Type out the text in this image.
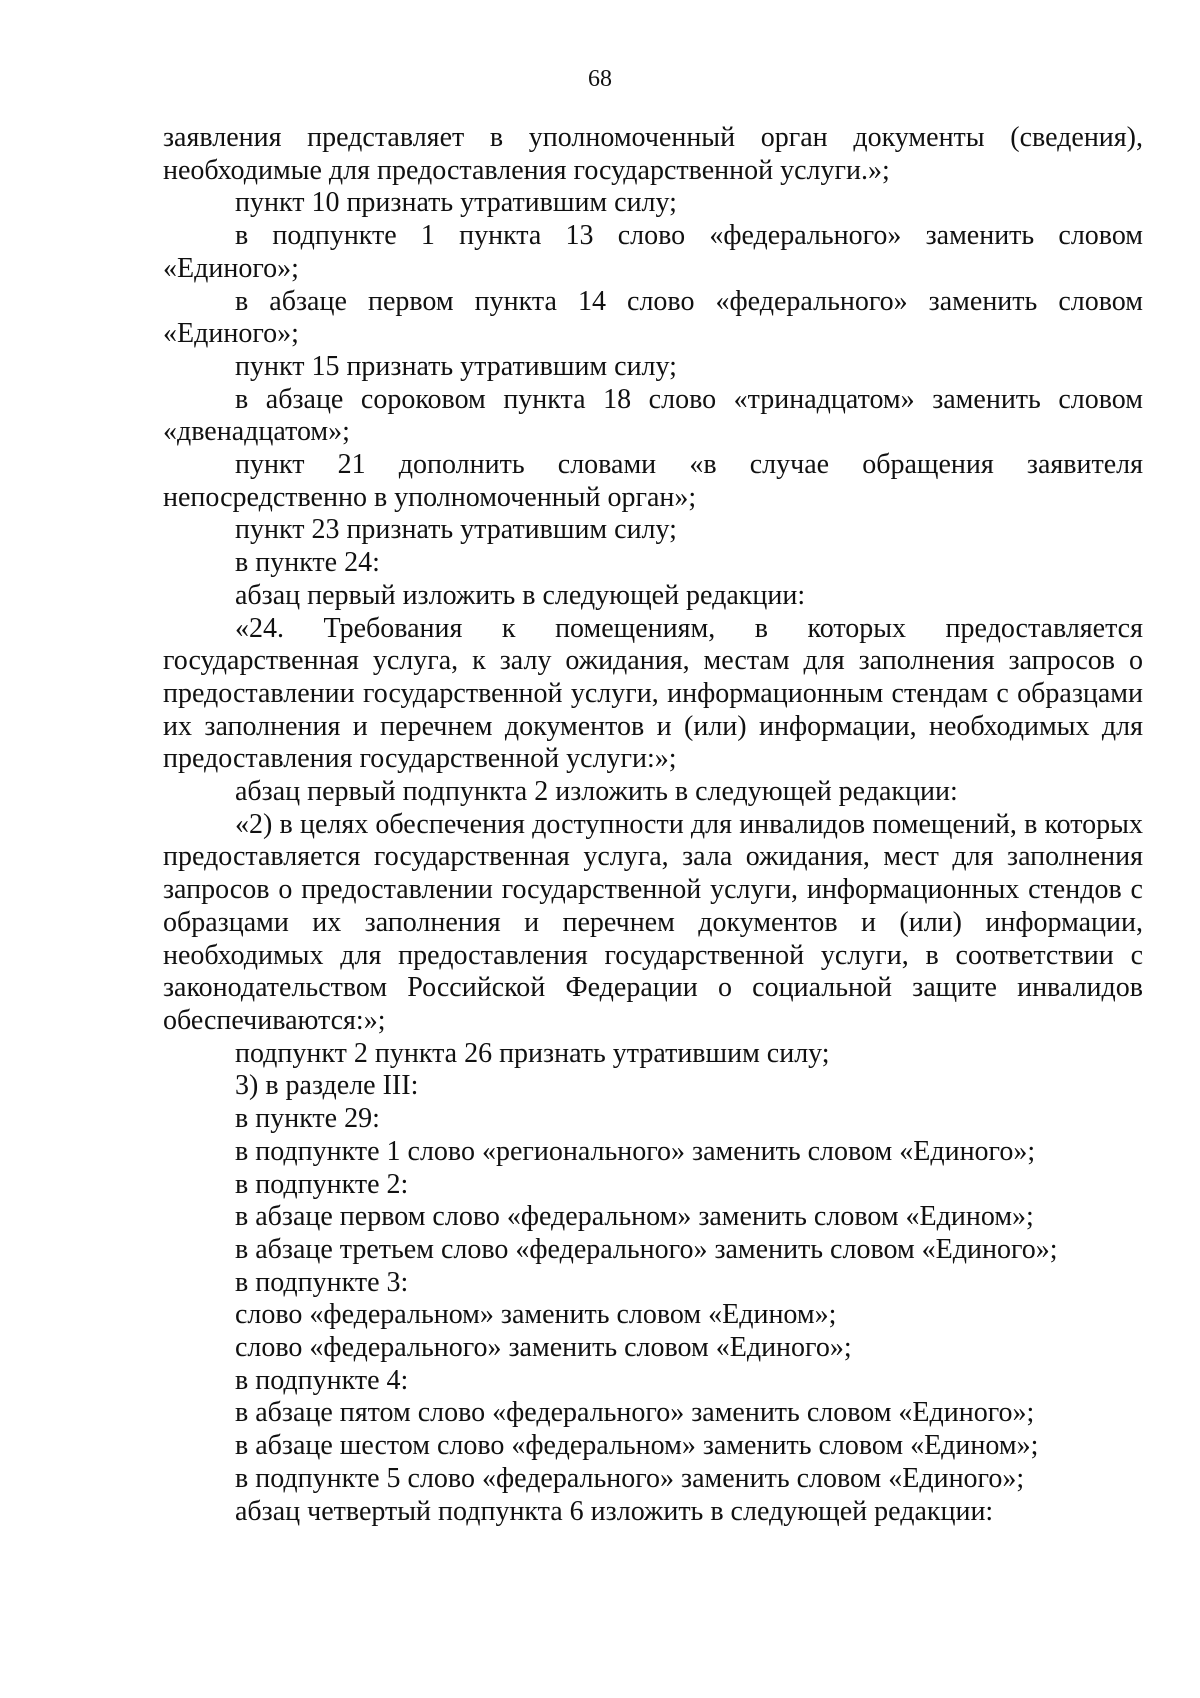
68

заявления представляет в уполномоченный орган документы (сведения), необходимые для предоставления государственной услуги.»;

пункт 10 признать утратившим силу;

в подпункте 1 пункта 13 слово «федерального» заменить словом «Единого»;

в абзаце первом пункта 14 слово «федерального» заменить словом «Единого»;

пункт 15 признать утратившим силу;

в абзаце сороковом пункта 18 слово «тринадцатом» заменить словом «двенадцатом»;

пункт 21 дополнить словами «в случае обращения заявителя непосредственно в уполномоченный орган»;

пункт 23 признать утратившим силу;

в пункте 24:

абзац первый изложить в следующей редакции:

«24. Требования к помещениям, в которых предоставляется государственная услуга, к залу ожидания, местам для заполнения запросов о предоставлении государственной услуги, информационным стендам с образцами их заполнения и перечнем документов и (или) информации, необходимых для предоставления государственной услуги:»;

абзац первый подпункта 2 изложить в следующей редакции:

«2) в целях обеспечения доступности для инвалидов помещений, в которых предоставляется государственная услуга, зала ожидания, мест для заполнения запросов о предоставлении государственной услуги, информационных стендов с образцами их заполнения и перечнем документов и (или) информации, необходимых для предоставления государственной услуги, в соответствии с законодательством Российской Федерации о социальной защите инвалидов обеспечиваются:»;

подпункт 2 пункта 26 признать утратившим силу;

3) в разделе III:

в пункте 29:

в подпункте 1 слово «регионального» заменить словом «Единого»;

в подпункте 2:

в абзаце первом слово «федеральном» заменить словом «Едином»;

в абзаце третьем слово «федерального» заменить словом «Единого»;

в подпункте 3:

слово «федеральном» заменить словом «Едином»;

слово «федерального» заменить словом «Единого»;

в подпункте 4:

в абзаце пятом слово «федерального» заменить словом «Единого»;

в абзаце шестом слово «федеральном» заменить словом «Едином»;

в подпункте 5 слово «федерального» заменить словом «Единого»;

абзац четвертый подпункта 6 изложить в следующей редакции:
